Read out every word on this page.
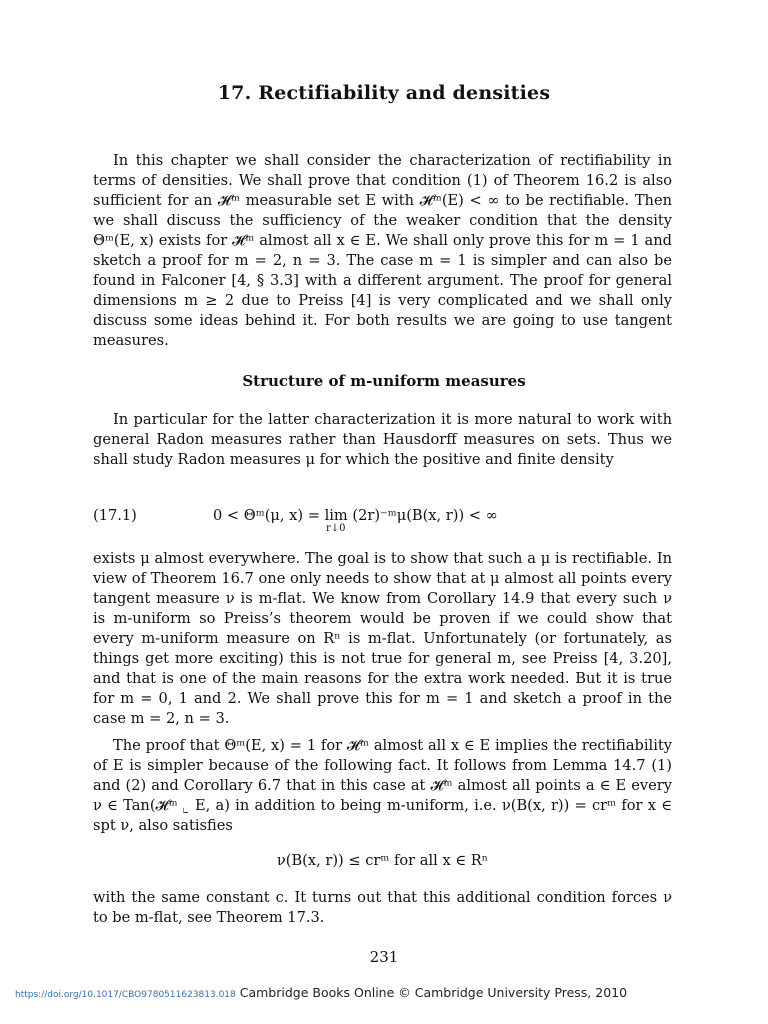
17. Rectifiability and densities

In this chapter we shall consider the characterization of rectifiability in terms of densities. We shall prove that condition (1) of Theorem 16.2 is also sufficient for an 𝓗ᵐ measurable set E with 𝓗ᵐ(E) < ∞ to be rectifiable. Then we shall discuss the sufficiency of the weaker condition that the density Θᵐ(E, x) exists for 𝓗ᵐ almost all x ∈ E. We shall only prove this for m = 1 and sketch a proof for m = 2, n = 3. The case m = 1 is simpler and can also be found in Falconer [4, § 3.3] with a different argument. The proof for general dimensions m ≥ 2 due to Preiss [4] is very complicated and we shall only discuss some ideas behind it. For both results we are going to use tangent measures.

Structure of m-uniform measures

In particular for the latter characterization it is more natural to work with general Radon measures rather than Hausdorff measures on sets. Thus we shall study Radon measures μ for which the positive and finite density

(17.1)	0 < Θᵐ(μ, x) = lim (2r)⁻ᵐμ(B(x, r)) < ∞
r↓0

exists μ almost everywhere. The goal is to show that such a μ is rectifiable. In view of Theorem 16.7 one only needs to show that at μ almost all points every tangent measure ν is m-flat. We know from Corollary 14.9 that every such ν is m-uniform so Preiss’s theorem would be proven if we could show that every m-uniform measure on Rⁿ is m-flat. Unfortunately (or fortunately, as things get more exciting) this is not true for general m, see Preiss [4, 3.20], and that is one of the main reasons for the extra work needed. But it is true for m = 0, 1 and 2. We shall prove this for m = 1 and sketch a proof in the case m = 2, n = 3.

The proof that Θᵐ(E, x) = 1 for 𝓗ᵐ almost all x ∈ E implies the rectifiability of E is simpler because of the following fact. It follows from Lemma 14.7 (1) and (2) and Corollary 6.7 that in this case at 𝓗ᵐ almost all points a ∈ E every ν ∈ Tan(𝓗ᵐ ⌞ E, a) in addition to being m-uniform, i.e. ν(B(x, r)) = crᵐ for x ∈ spt ν, also satisfies

ν(B(x, r)) ≤ crᵐ for all x ∈ Rⁿ

with the same constant c. It turns out that this additional condition forces ν to be m-flat, see Theorem 17.3.

231
https://doi.org/10.1017/CBO9780511623813.018 Cambridge Books Online © Cambridge University Press, 2010
